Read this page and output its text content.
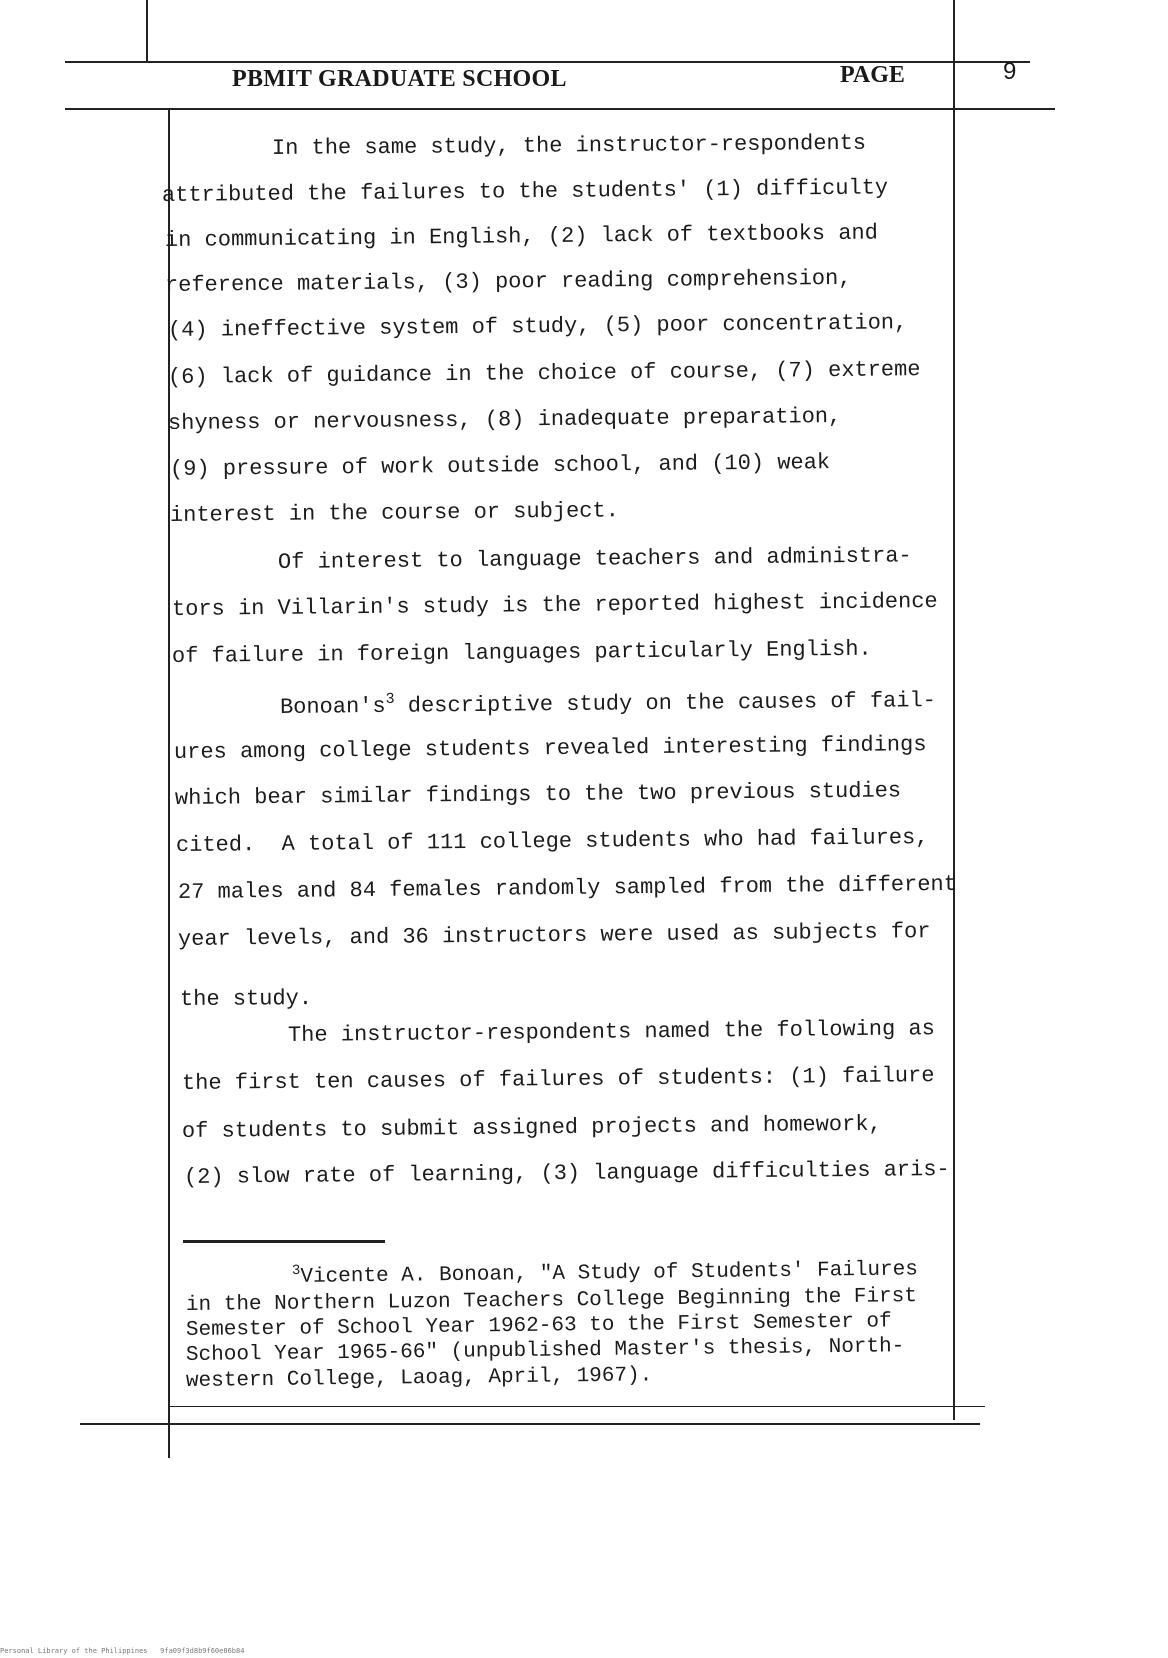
PBMIT GRADUATE SCHOOL	PAGE	9
In the same study, the instructor-respondents
attributed the failures to the students' (1) difficulty
in communicating in English, (2) lack of textbooks and
reference materials, (3) poor reading comprehension,
(4) ineffective system of study, (5) poor concentration,
(6) lack of guidance in the choice of course, (7) extreme
shyness or nervousness, (8) inadequate preparation,
(9) pressure of work outside school, and (10) weak
interest in the course or subject.
Of interest to language teachers and administra-
tors in Villarin's study is the reported highest incidence
of failure in foreign languages particularly English.
$Bonoan's^3$ descriptive study on the causes of fail-
ures among college students revealed interesting findings
which bear similar findings to the two previous studies
cited.  A total of 111 college students who had failures,
27 males and 84 females randomly sampled from the different
year levels, and 36 instructors were used as subjects for
the study.
The instructor-respondents named the following as
the first ten causes of failures of students: (1) failure
of students to submit assigned projects and homework,
(2) slow rate of learning, (3) language difficulties aris-
$^3$Vicente A. Bonoan, "A Study of Students' Failures
in the Northern Luzon Teachers College Beginning the First
Semester of School Year 1962-63 to the First Semester of
School Year 1965-66" (unpublished Master's thesis, North-
western College, Laoag, April, 1967).
Personal Library of the Philippines   9fa09f3d8b9f60e86b84
